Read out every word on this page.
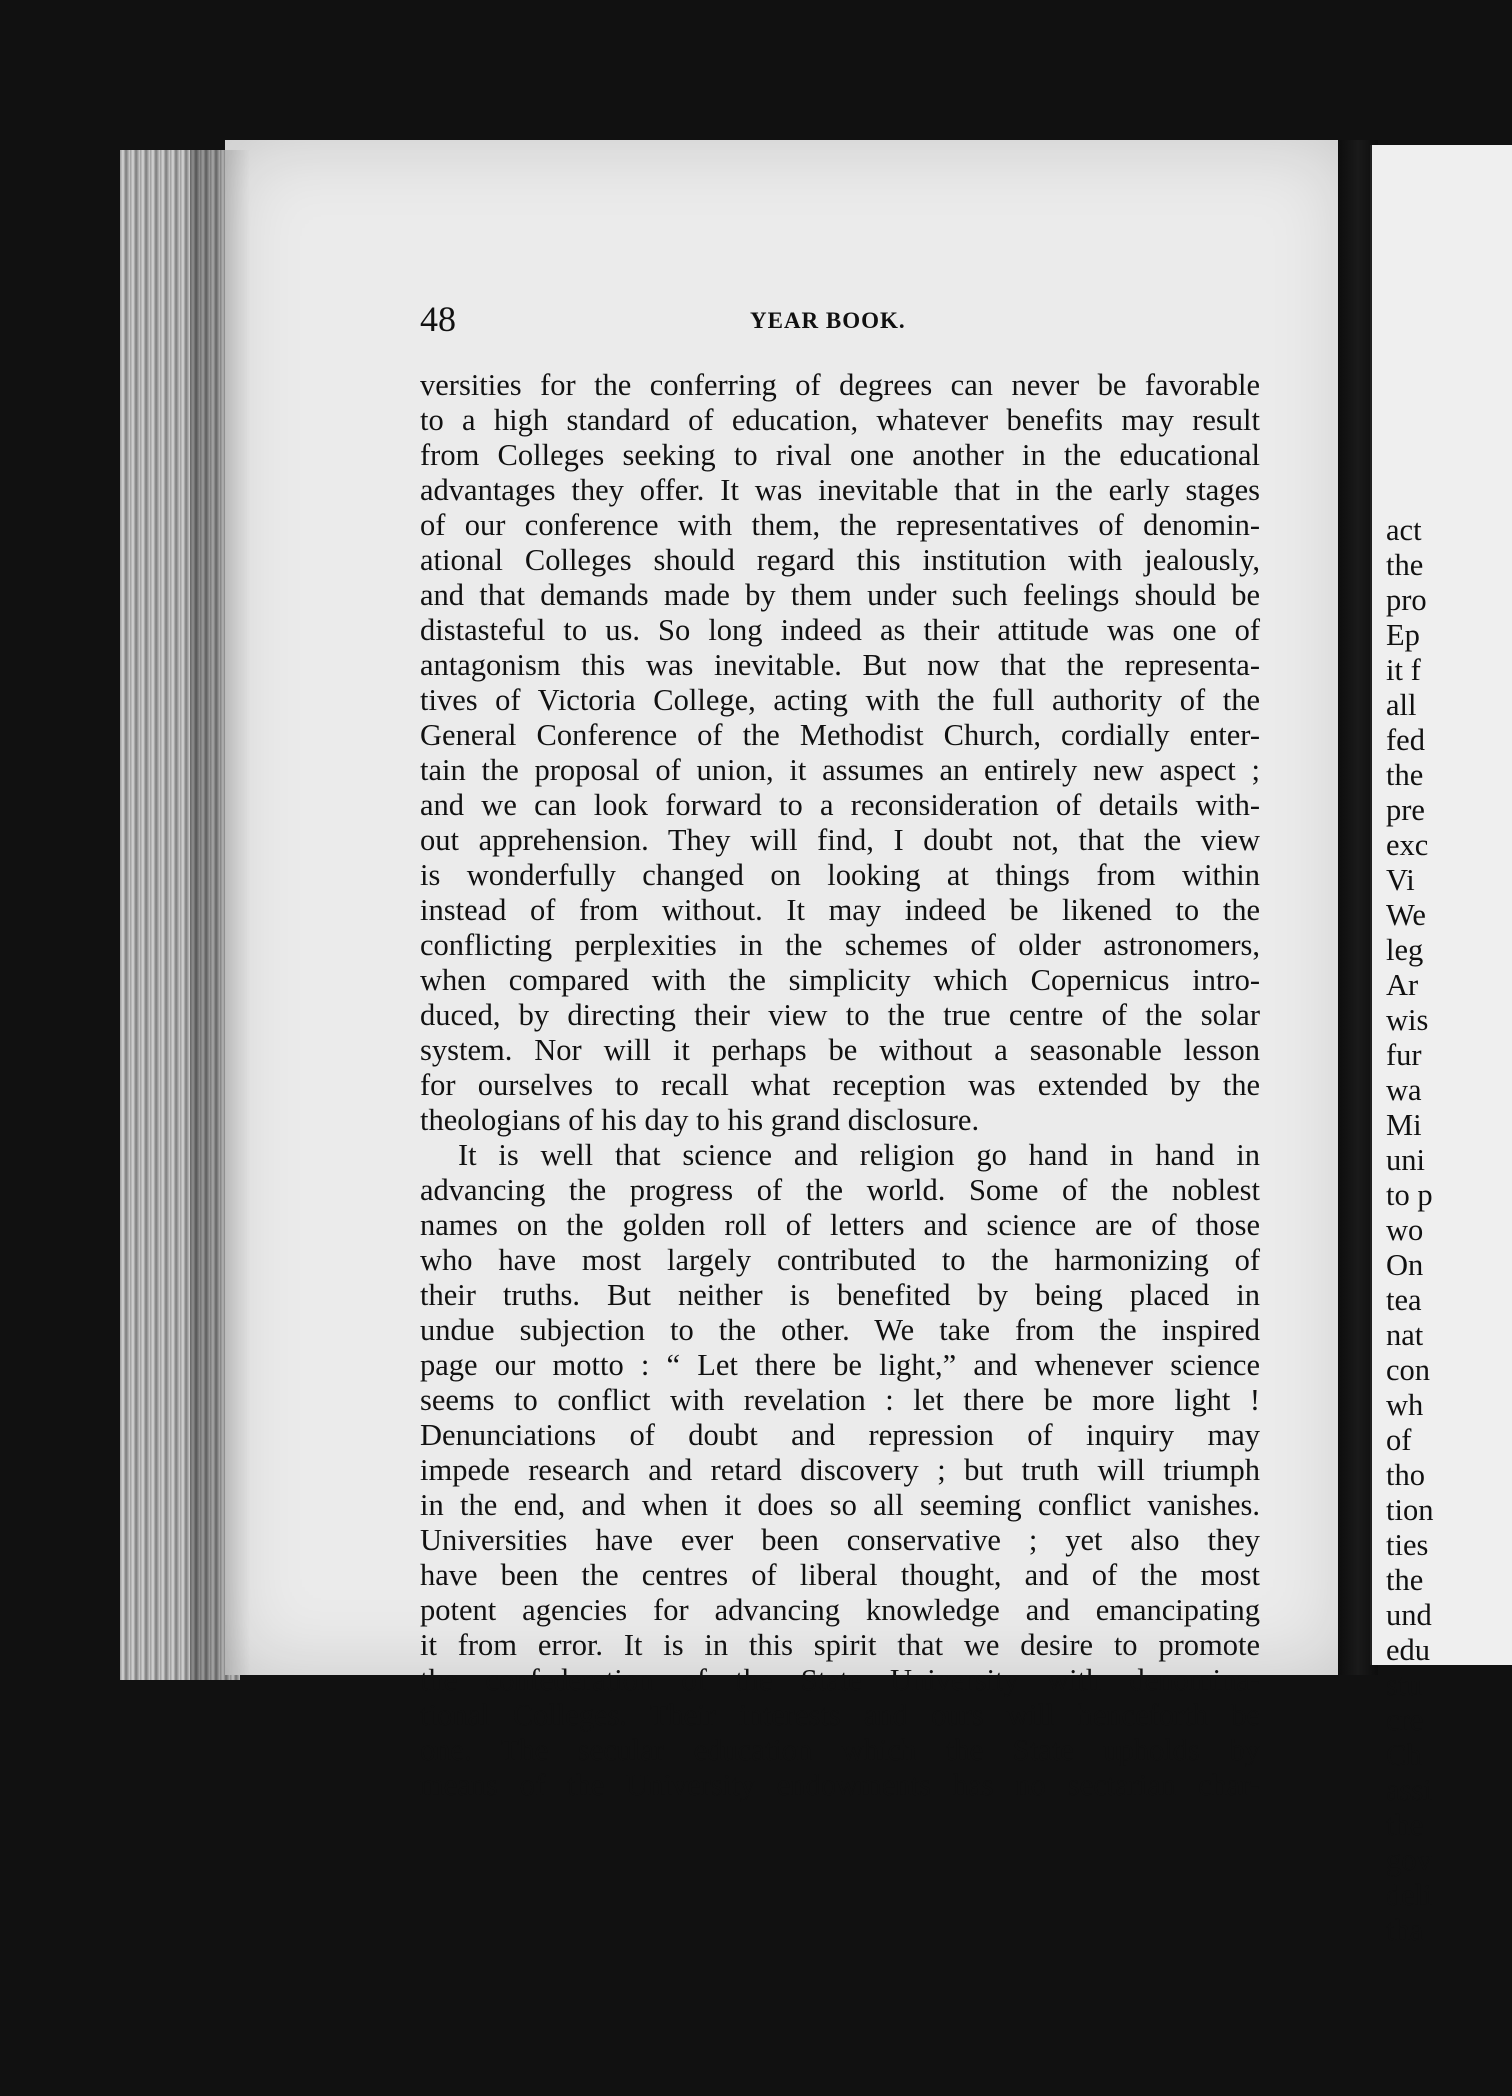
act
the
pro
Ep
it f
all
fed
the
pre
exc
Vi
We
leg
Ar
wis
fur
wa
Mi
uni
to p
wo
On
tea
nat
con
wh
of
tho
tion
ties
the
und
edu
stu
cre
Ch
assi
the
gov
deli
tha
48	YEAR BOOK.
versities for the conferring of degrees can never be favorable
to a high standard of education, whatever benefits may result
from Colleges seeking to rival one another in the educational
advantages they offer. It was inevitable that in the early stages
of our conference with them, the representatives of denomin-
ational Colleges should regard this institution with jealously,
and that demands made by them under such feelings should be
distasteful to us. So long indeed as their attitude was one of
antagonism this was inevitable. But now that the representa-
tives of Victoria College, acting with the full authority of the
General Conference of the Methodist Church, cordially enter-
tain the proposal of union, it assumes an entirely new aspect ;
and we can look forward to a reconsideration of details with-
out apprehension. They will find, I doubt not, that the view
is wonderfully changed on looking at things from within
instead of from without. It may indeed be likened to the
conflicting perplexities in the schemes of older astronomers,
when compared with the simplicity which Copernicus intro-
duced, by directing their view to the true centre of the solar
system. Nor will it perhaps be without a seasonable lesson
for ourselves to recall what reception was extended by the
theologians of his day to his grand disclosure.
It is well that science and religion go hand in hand in
advancing the progress of the world. Some of the noblest
names on the golden roll of letters and science are of those
who have most largely contributed to the harmonizing of
their truths. But neither is benefited by being placed in
undue subjection to the other. We take from the inspired
page our motto : “ Let there be light,” and whenever science
seems to conflict with revelation : let there be more light !
Denunciations of doubt and repression of inquiry may
impede research and retard discovery ; but truth will triumph
in the end, and when it does so all seeming conflict vanishes.
Universities have ever been conservative ; yet also they
have been the centres of liberal thought, and of the most
potent agencies for advancing knowledge and emancipating
it from error. It is in this spirit that we desire to promote
the confederation of the State University with denomina-
tional Colleges. Their interests and ours will henceforth be
one. The secular education which the State upholds by
means of the University endowments has no sectarian char-
